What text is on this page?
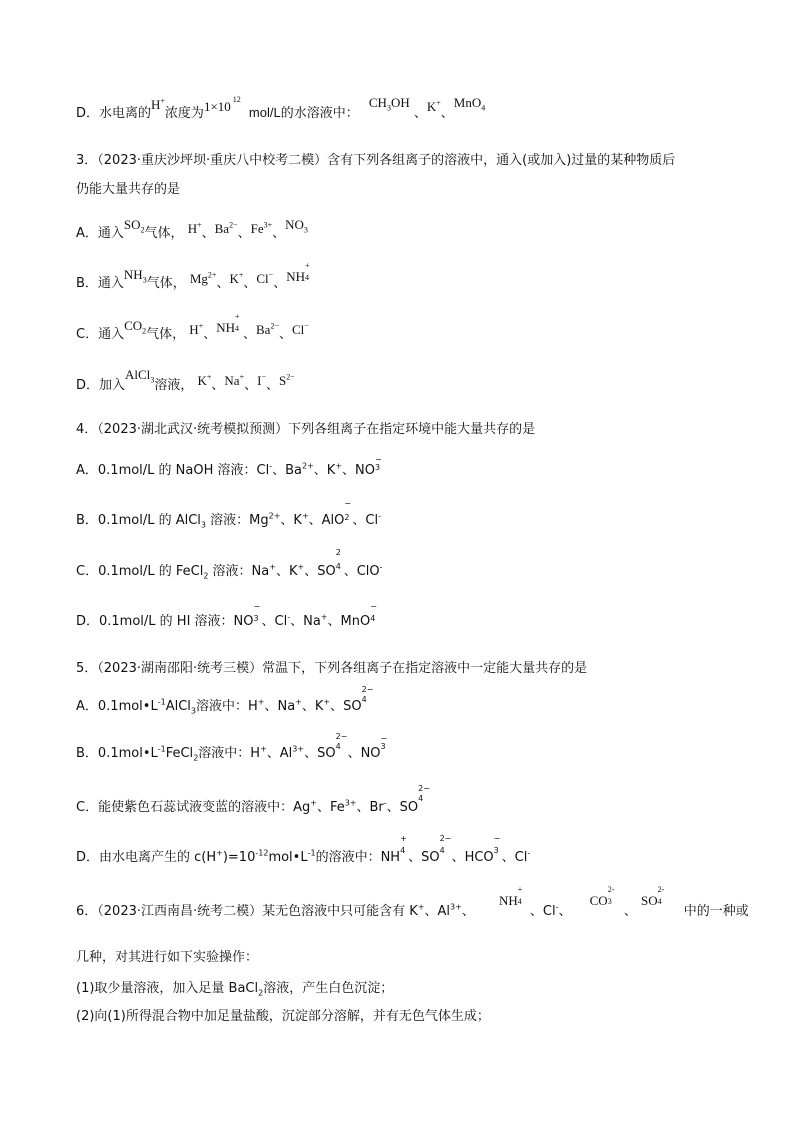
D．水电离的H+浓度为1×10 $^{12}$ mol/L的水溶液中： $CH_3OH$ 、K+、MnO$_4$
3．（2023·重庆沙坪坝·重庆八中校考二模）含有下列各组离子的溶液中，通入(或加入)过量的某种物质后
仍能大量共存的是
A．通入$SO_2$气体， H+、$Ba^{2-}$、$Fe^{3+}$、$NO_3$
B．通入$NH_3$气体， $Mg^{2+}$、K+、Cl−、NH
+
4
C．通入$CO_2$气体， H+、NH
+
4 、$Ba^{2-}$、Cl−
D．加入AlCl$_3$溶液， K+、Na+、I−、$S^{2-}$
4．（2023·湖北武汉·统考模拟预测）下列各组离子在指定环境中能大量共存的是
A．0.1mol/L 的 NaOH 溶液：Cl-、$Ba^{2+}$、K+、NO
−
3
B．0.1mol/L 的 AlCl$_3$ 溶液：$Mg^{2+}$、K+、AlO
−
2 、Cl-
C．0.1mol/L 的 FeCl$_2$ 溶液：Na+、K+、SO
2
4 、ClO-
D．0.1mol/L 的 HI 溶液：NO
−
3 、Cl-、Na+、MnO
−
4
5．（2023·湖南邵阳·统考三模）常温下，下列各组离子在指定溶液中一定能大量共存的是
A．$0.1mol•L^{-1}AlCl_3$溶液中：H+、Na+、K+、SO
2−
4
B．$0.1mol•L^{-1}FeCl_2$溶液中：H+、$Al^{3+}$、SO
2−
4 、NO
−
3
C．能使紫色石蕊试液变蓝的溶液中：Ag+、$Fe^{3+}$、Br-、SO
2−
4
D．由水电离产生的 $c(H^+)=10^{-12}mol•L^{-1}$的溶液中：NH
+
4 、SO
2−
4 、HCO
−
3 、Cl-
6．（2023·江西南昌·统考二模）某无色溶液中只可能含有 K+、$Al^{3+}$、 NH
+
4
、Cl-、 CO
2-
3
、 SO
2-
4
中的一种或
几种，对其进行如下实验操作：
(1)取少量溶液，加入足量 BaCl$_2$溶液，产生白色沉淀；
(2)向(1)所得混合物中加足量盐酸，沉淀部分溶解，并有无色气体生成；
